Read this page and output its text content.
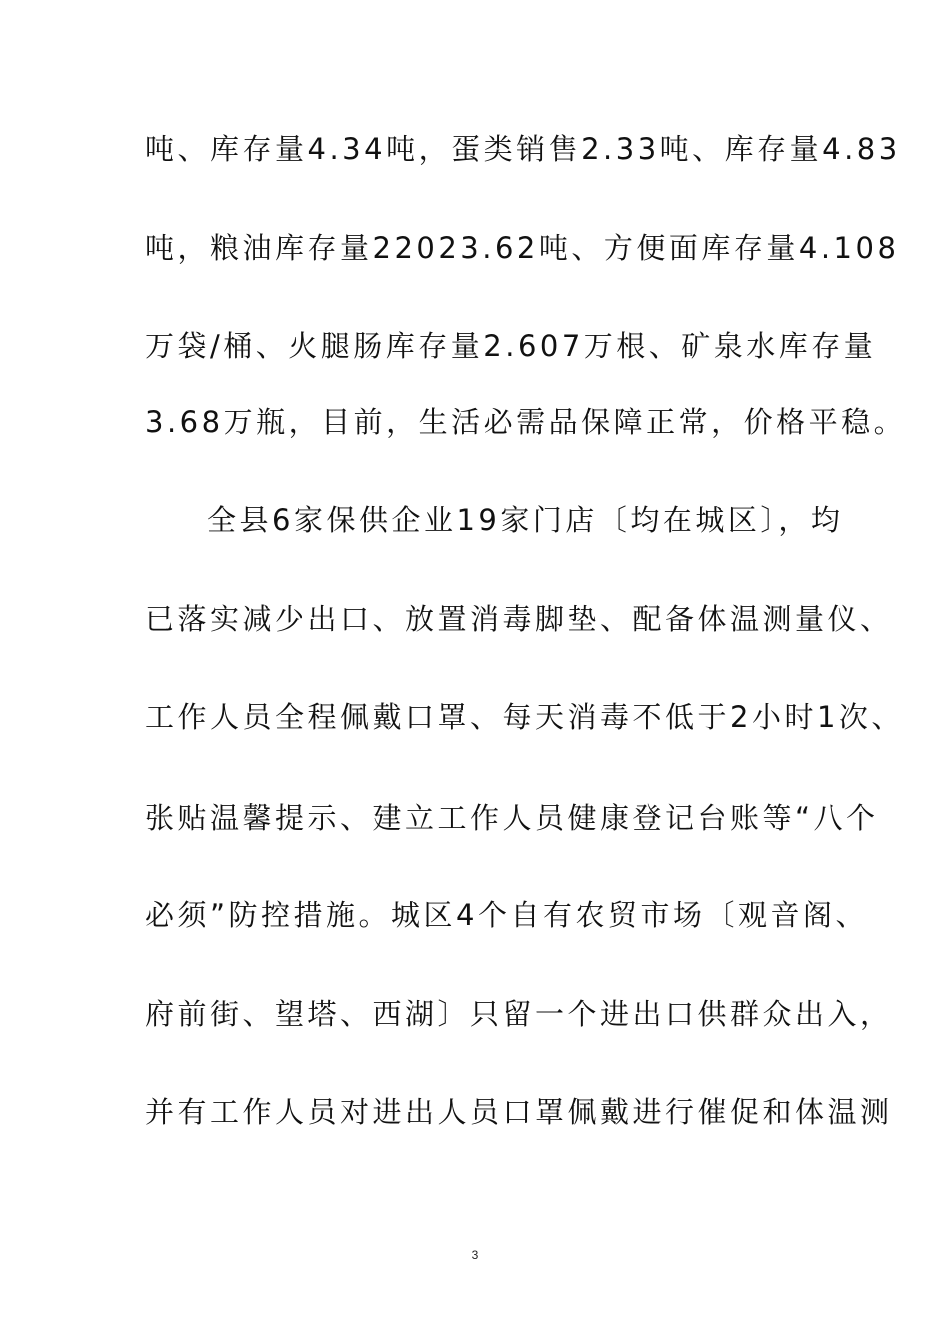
吨、库存量4.34吨，蛋类销售2.33吨、库存量4.83
吨，粮油库存量22023.62吨、方便面库存量4.108
万袋/桶、火腿肠库存量2.607万根、矿泉水库存量
3.68万瓶，目前，生活必需品保障正常，价格平稳。
全县6家保供企业19家门店〔均在城区〕，均
已落实减少出口、放置消毒脚垫、配备体温测量仪、
工作人员全程佩戴口罩、每天消毒不低于2小时1次、
张贴温馨提示、建立工作人员健康登记台账等“八个
必须”防控措施。城区4个自有农贸市场〔观音阁、
府前街、望塔、西湖〕只留一个进出口供群众出入，
并有工作人员对进出人员口罩佩戴进行催促和体温测
3
